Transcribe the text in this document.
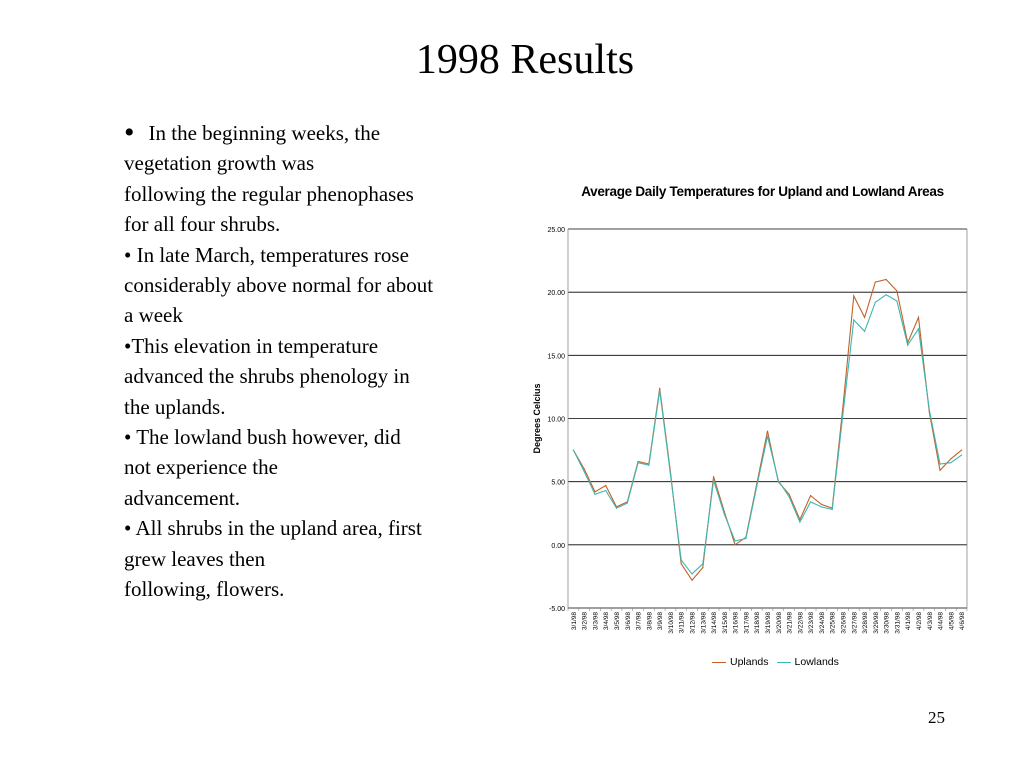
1998 Results

• In the beginning weeks, the

vegetation growth was

following the regular phenophases

for all four shrubs.

• In late March, temperatures rose

considerably above normal for about

a week

•This elevation in temperature

advanced the shrubs phenology in

the uplands.

• The lowland bush however, did

not experience the

advancement.

• All shrubs in the upland area, first

grew leaves then

following, flowers.

Average Daily Temperatures for Upland and Lowland Areas
-5.00
0.00
5.00
10.00
15.00
20.00
25.00
3/1/98 3/2/98 3/3/98 3/4/98 3/5/98 3/6/98 3/7/98 3/8/98 3/9/98 3/10/98 3/11/98 3/12/98 3/13/98 3/14/98 3/15/98 3/16/98 3/17/98 3/18/98 3/19/98 3/20/98 3/21/98 3/22/98 3/23/98 3/24/98 3/25/98 3/26/98 3/27/98 3/28/98 3/29/98 3/30/98 3/31/98 4/1/98 4/2/98 4/3/98 4/4/98 4/5/98 4/6/98
Degrees Celcius
Uplands Lowlands
25
